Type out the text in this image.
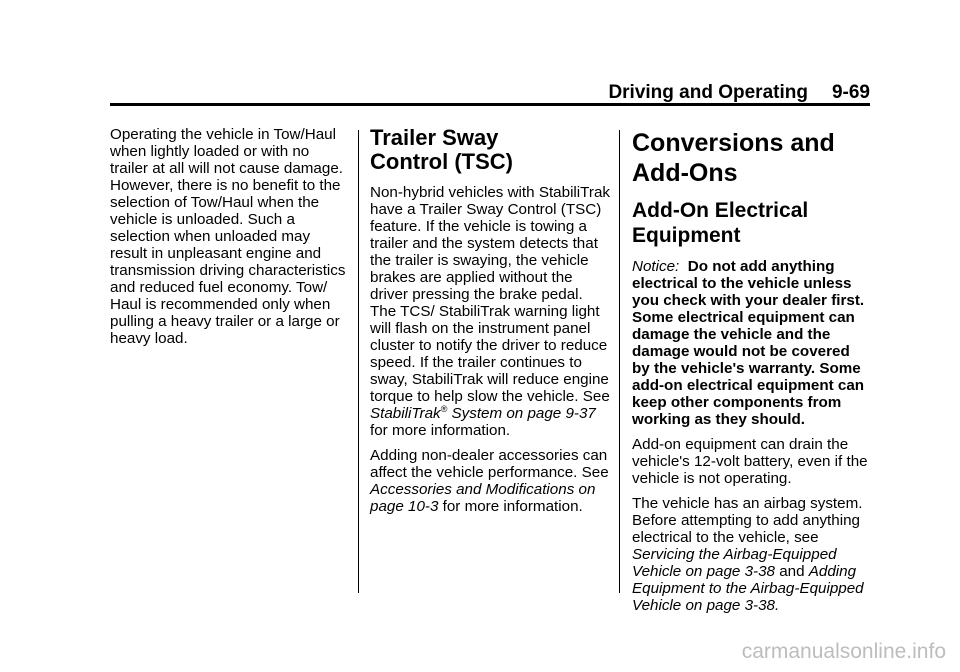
Driving and Operating 9-69

Operating the vehicle in Tow/Haul when lightly loaded or with no trailer at all will not cause damage. However, there is no benefit to the selection of Tow/Haul when the vehicle is unloaded. Such a selection when unloaded may result in unpleasant engine and transmission driving characteristics and reduced fuel economy. Tow/ Haul is recommended only when pulling a heavy trailer or a large or heavy load.

Trailer Sway
Control (TSC)

Non-hybrid vehicles with StabiliTrak have a Trailer Sway Control (TSC) feature. If the vehicle is towing a trailer and the system detects that the trailer is swaying, the vehicle brakes are applied without the driver pressing the brake pedal. The TCS/ StabiliTrak warning light will flash on the instrument panel cluster to notify the driver to reduce speed. If the trailer continues to sway, StabiliTrak will reduce engine torque to help slow the vehicle. See StabiliTrak® System on page 9-37 for more information.

Adding non-dealer accessories can affect the vehicle performance. See Accessories and Modifications on page 10-3 for more information.

Conversions and
Add-Ons
Add-On Electrical
Equipment

Notice: Do not add anything electrical to the vehicle unless you check with your dealer first. Some electrical equipment can damage the vehicle and the damage would not be covered by the vehicle's warranty. Some add-on electrical equipment can keep other components from working as they should.

Add-on equipment can drain the vehicle's 12-volt battery, even if the vehicle is not operating.

The vehicle has an airbag system. Before attempting to add anything electrical to the vehicle, see Servicing the Airbag-Equipped Vehicle on page 3-38 and Adding Equipment to the Airbag-Equipped Vehicle on page 3-38.

carmanualsonline.info
